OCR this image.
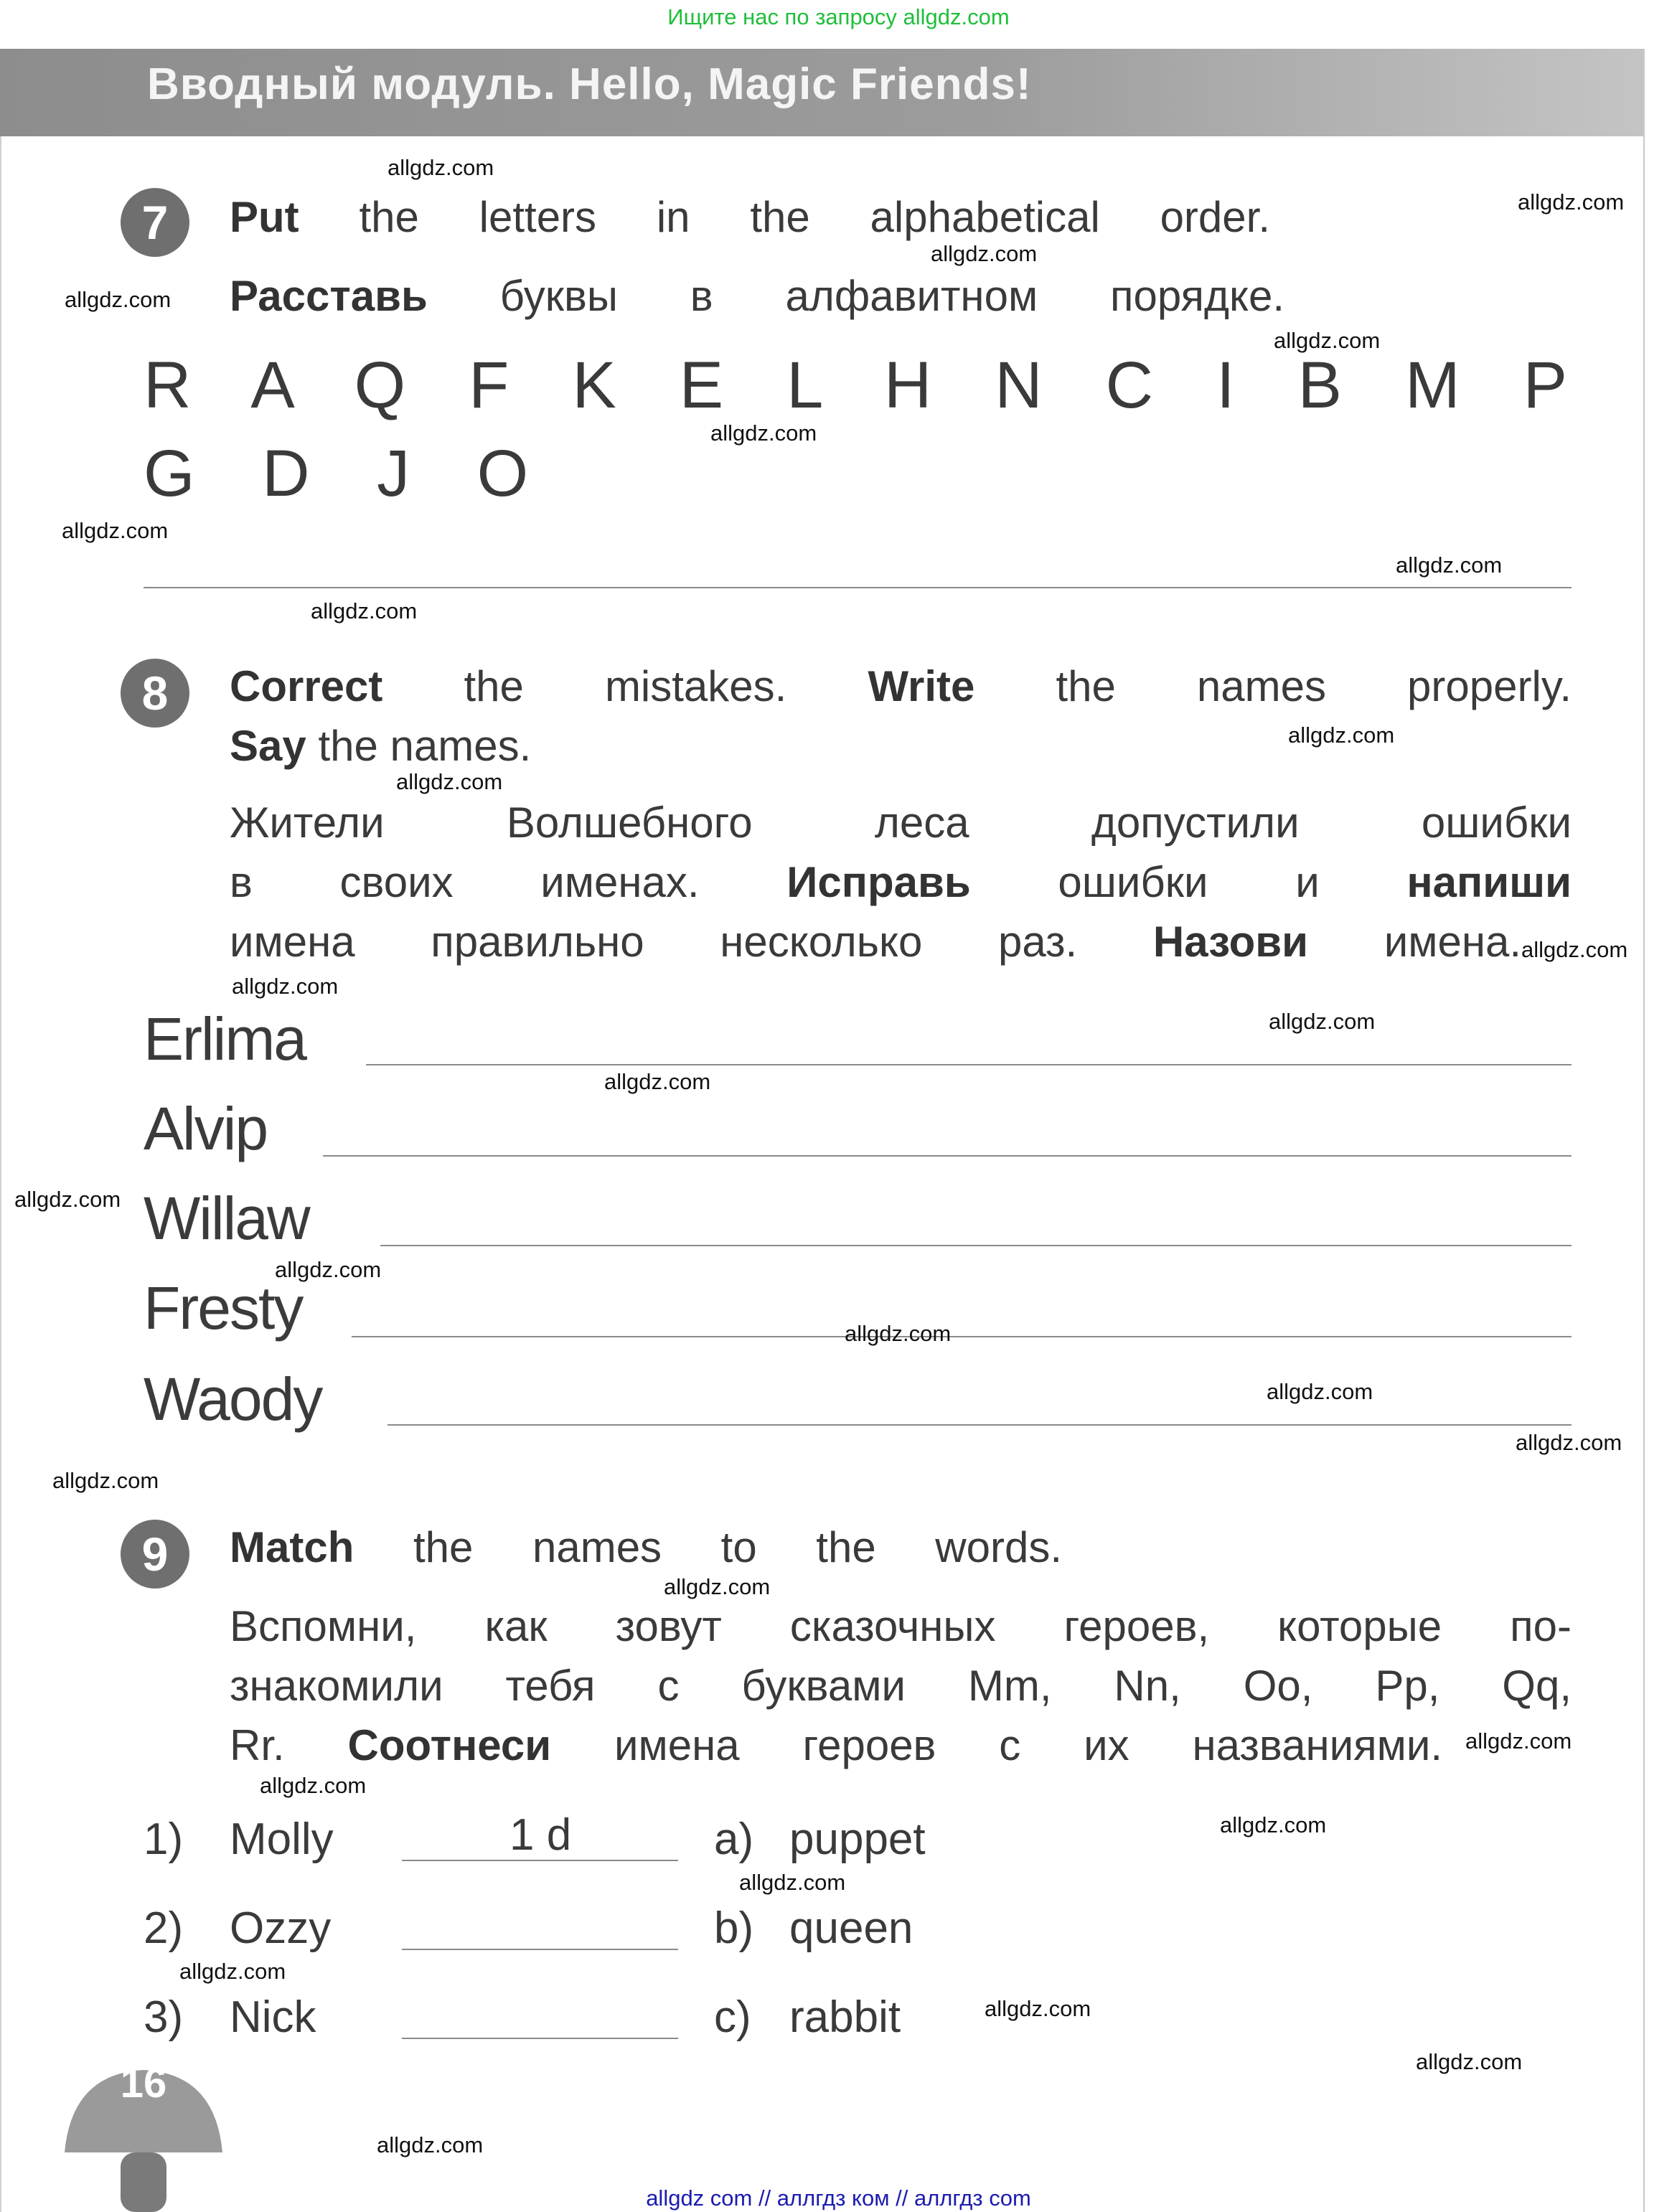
Ищите нас по запросу allgdz.com
Вводный модуль. Hello, Magic Friends!
7	Put the letters in the alphabetical order.
Расставь буквы в алфавитном порядке.
R A Q F K E L H N C I B M P
G D J O
8	Correct the mistakes. Write the names properly.
Say the names.
Жители Волшебного леса допустили ошибки
в своих именах. Исправь ошибки и напиши
имена правильно несколько раз. Назови имена.
Erlima
Alvip
Willaw
Fresty
Waody
9	Match the names to the words.
Вспомни, как зовут сказочных героев, которые по-
знакомили тебя с буквами Mm, Nn, Oo, Pp, Qq,
Rr. Соотнеси имена героев с их названиями.
1) Molly	1 d	a) puppet
2) Ozzy	b) queen
3) Nick	c) rabbit
16
allgdz.com
allgdz.com
allgdz.com
allgdz.com
allgdz.com
allgdz.com
allgdz.com
allgdz.com
allgdz.com
allgdz.com
allgdz.com
allgdz.com
allgdz.com
allgdz.com
allgdz.com
allgdz.com
allgdz.com
allgdz.com
allgdz.com
allgdz.com
allgdz.com
allgdz.com
allgdz.com
allgdz.com
allgdz.com
allgdz.com
allgdz.com
allgdz.com
allgdz.com
allgdz.com
allgdz com // аллгдз ком // аллгдз com
